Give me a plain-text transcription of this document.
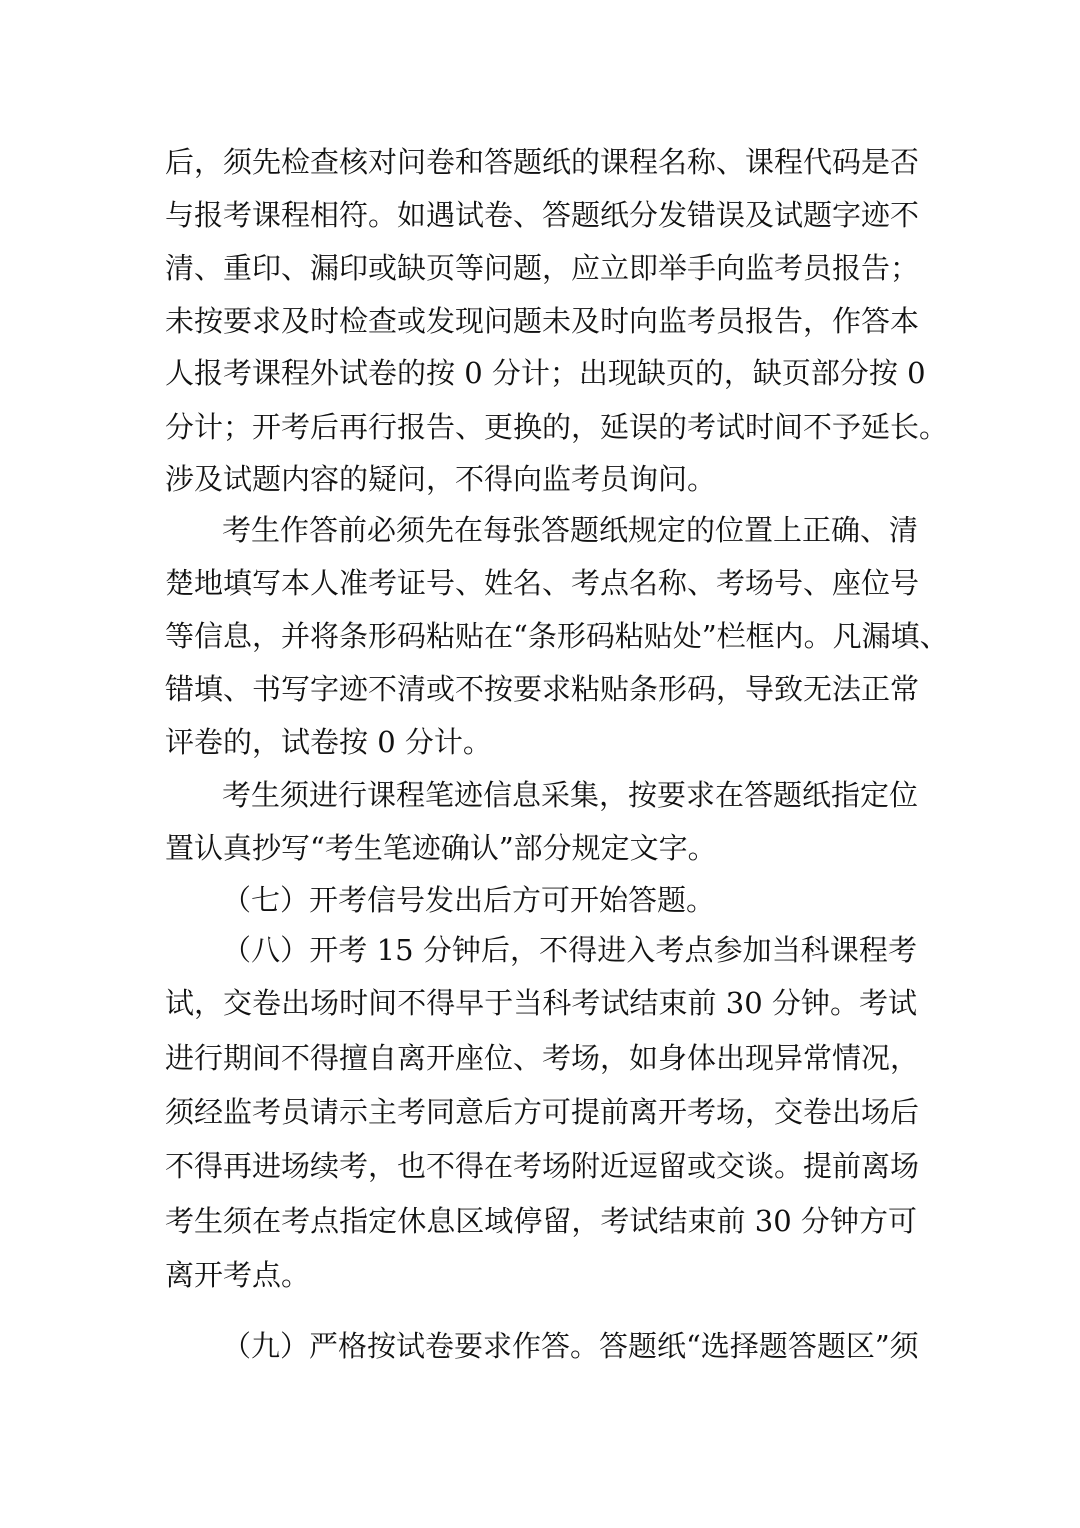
后，须先检查核对问卷和答题纸的课程名称、课程代码是否
与报考课程相符。如遇试卷、答题纸分发错误及试题字迹不
清、重印、漏印或缺页等问题，应立即举手向监考员报告；
未按要求及时检查或发现问题未及时向监考员报告，作答本
人报考课程外试卷的按 0 分计；出现缺页的，缺页部分按 0
分计；开考后再行报告、更换的，延误的考试时间不予延长。
涉及试题内容的疑问，不得向监考员询问。
考生作答前必须先在每张答题纸规定的位置上正确、清
楚地填写本人准考证号、姓名、考点名称、考场号、座位号
等信息，并将条形码粘贴在“条形码粘贴处”栏框内。凡漏填、
错填、书写字迹不清或不按要求粘贴条形码，导致无法正常
评卷的，试卷按 0 分计。
考生须进行课程笔迹信息采集，按要求在答题纸指定位
置认真抄写“考生笔迹确认”部分规定文字。
（七）开考信号发出后方可开始答题。
（八）开考 15 分钟后，不得进入考点参加当科课程考
试，交卷出场时间不得早于当科考试结束前 30 分钟。考试
进行期间不得擅自离开座位、考场，如身体出现异常情况，
须经监考员请示主考同意后方可提前离开考场，交卷出场后
不得再进场续考，也不得在考场附近逗留或交谈。提前离场
考生须在考点指定休息区域停留，考试结束前 30 分钟方可
离开考点。
（九）严格按试卷要求作答。答题纸“选择题答题区”须
